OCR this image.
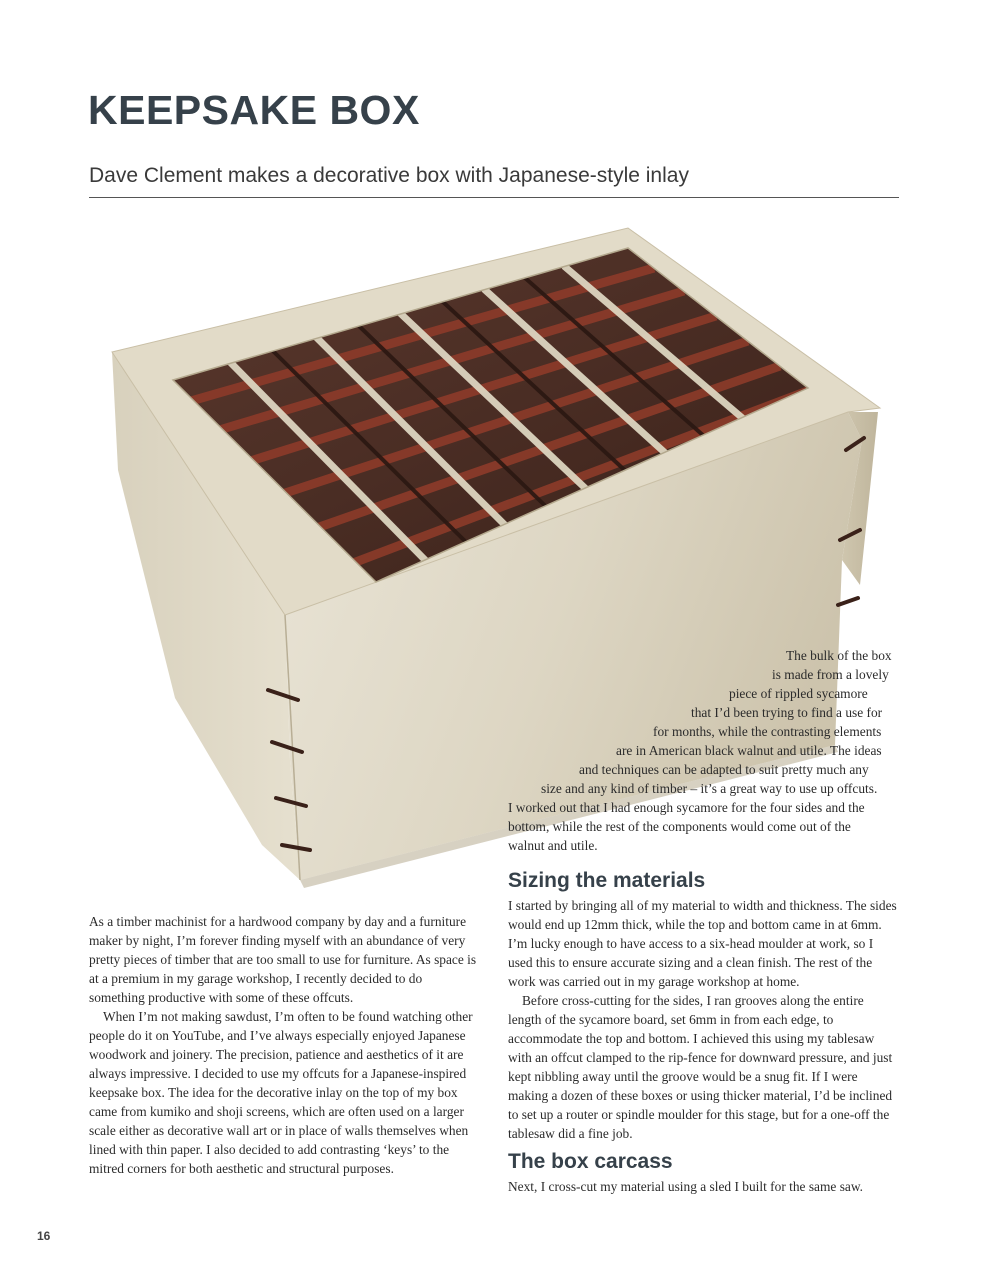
KEEPSAKE BOX
Dave Clement makes a decorative box with Japanese-style inlay
The bulk of the box
is made from a lovely
piece of rippled sycamore
that I’d been trying to find a use for
for months, while the contrasting elements
are in American black walnut and utile. The ideas
and techniques can be adapted to suit pretty much any
size and any kind of timber – it’s a great way to use up offcuts.
I worked out that I had enough sycamore for the four sides and the
bottom, while the rest of the components would come out of the
walnut and utile.

As a timber machinist for a hardwood company by day and a furniture maker by night, I’m forever finding myself with an abundance of very pretty pieces of timber that are too small to use for furniture. As space is at a premium in my garage workshop, I recently decided to do something productive with some of these offcuts.

When I’m not making sawdust, I’m often to be found watching other people do it on YouTube, and I’ve always especially enjoyed Japanese woodwork and joinery. The precision, patience and aesthetics of it are always impressive. I decided to use my offcuts for a Japanese-inspired keepsake box. The idea for the decorative inlay on the top of my box came from kumiko and shoji screens, which are often used on a larger scale either as decorative wall art or in place of walls themselves when lined with thin paper. I also decided to add contrasting ‘keys’ to the mitred corners for both aesthetic and structural purposes.

Sizing the materials

I started by bringing all of my material to width and thickness. The sides would end up 12mm thick, while the top and bottom came in at 6mm. I’m lucky enough to have access to a six-head moulder at work, so I used this to ensure accurate sizing and a clean finish. The rest of the work was carried out in my garage workshop at home.

Before cross-cutting for the sides, I ran grooves along the entire length of the sycamore board, set 6mm in from each edge, to accommodate the top and bottom. I achieved this using my tablesaw with an offcut clamped to the rip-fence for downward pressure, and just kept nibbling away until the groove would be a snug fit. If I were making a dozen of these boxes or using thicker material, I’d be inclined to set up a router or spindle moulder for this stage, but for a one-off the tablesaw did a fine job.

The box carcass

Next, I cross-cut my material using a sled I built for the same saw.

16
